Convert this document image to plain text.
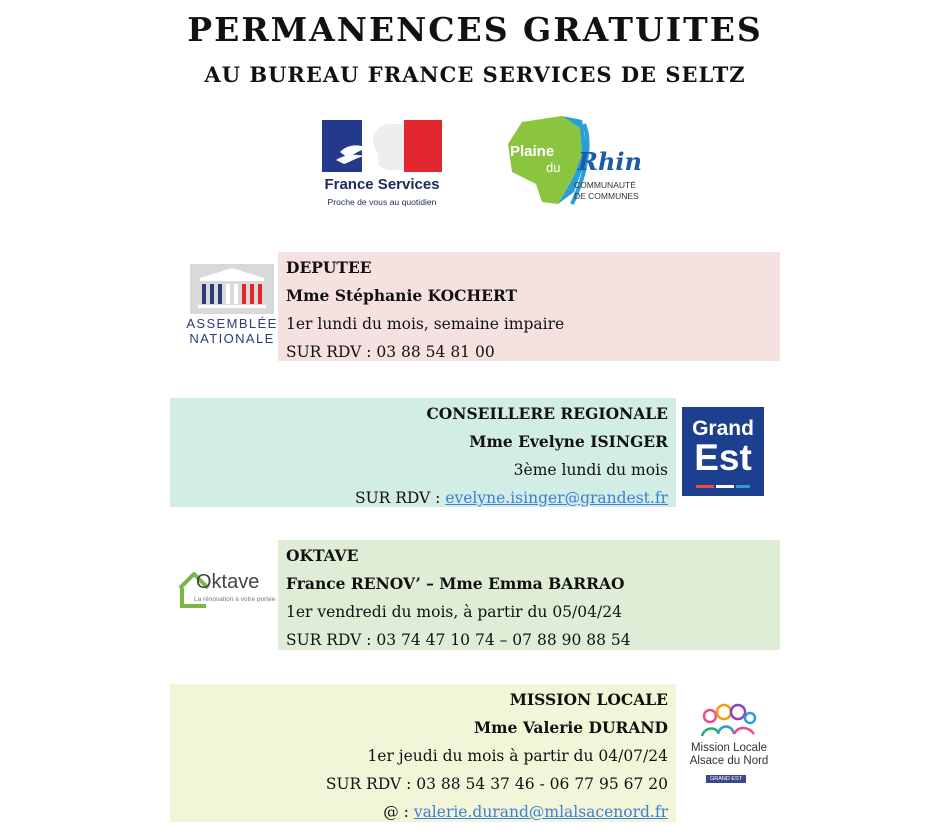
PERMANENCES GRATUITES
AU BUREAU FRANCE SERVICES DE SELTZ
France Services
Proche de vous au quotidien
Plaine
du Rhin
COMMUNAUTÉ
DE COMMUNES
ASSEMBLÉE
NATIONALE
DEPUTEE
Mme Stéphanie KOCHERT
1er lundi du mois, semaine impaire
SUR RDV : 03 88 54 81 00
CONSEILLERE REGIONALE
Mme Evelyne ISINGER
3ème lundi du mois
SUR RDV : evelyne.isinger@grandest.fr
Grand
Est
Oktave
La rénovation à votre portée
OKTAVE
France RENOV’ – Mme Emma BARRAO
1er vendredi du mois, à partir du 05/04/24
SUR RDV : 03 74 47 10 74 – 07 88 90 88 54
MISSION LOCALE
Mme Valerie DURAND
1er jeudi du mois à partir du 04/07/24
SUR RDV : 03 88 54 37 46 - 06 77 95 67 20
@ : valerie.durand@mlalsacenord.fr
Mission Locale
Alsace du Nord
GRAND EST
